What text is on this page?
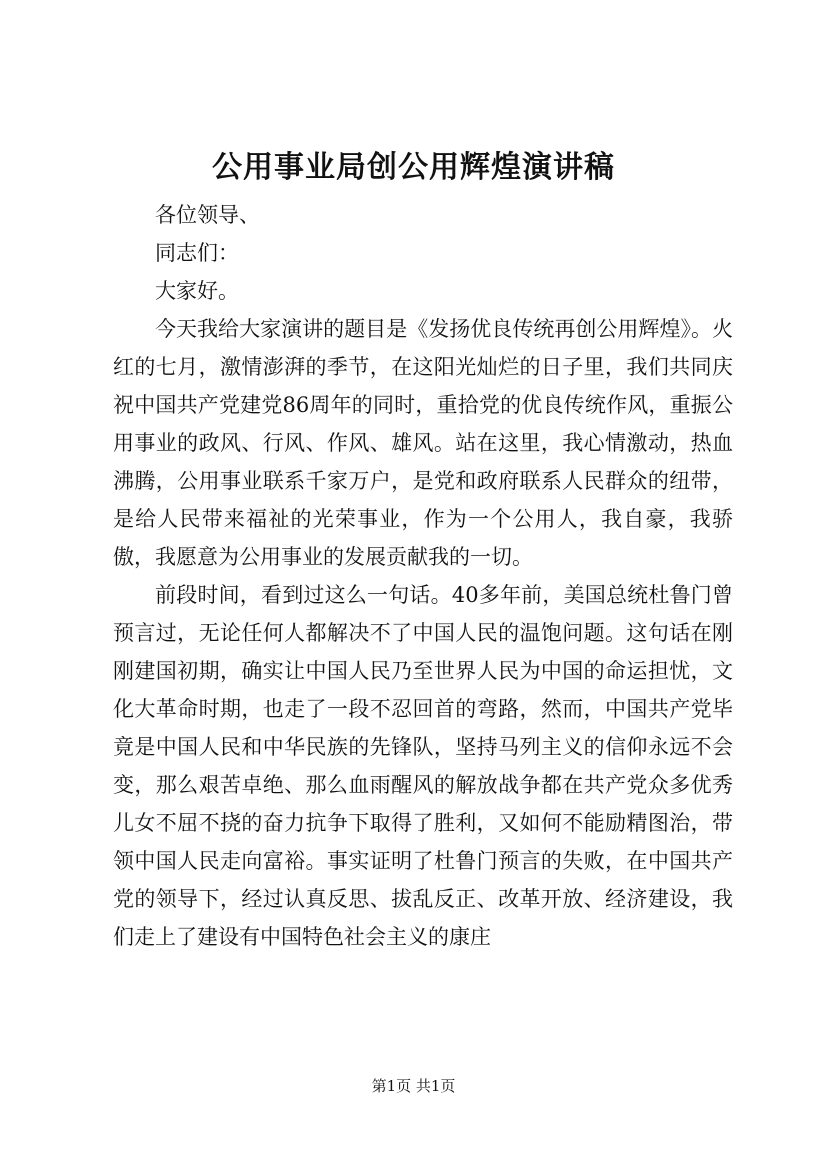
公用事业局创公用辉煌演讲稿

各位领导、

同志们：

大家好。

今天我给大家演讲的题目是《发扬优良传统再创公用辉煌》。火红的七月，激情澎湃的季节，在这阳光灿烂的日子里，我们共同庆祝中国共产党建党86周年的同时，重拾党的优良传统作风，重振公用事业的政风、行风、作风、雄风。站在这里，我心情激动，热血沸腾，公用事业联系千家万户，是党和政府联系人民群众的纽带，是给人民带来福祉的光荣事业，作为一个公用人，我自豪，我骄傲，我愿意为公用事业的发展贡献我的一切。

前段时间，看到过这么一句话。40多年前，美国总统杜鲁门曾预言过，无论任何人都解决不了中国人民的温饱问题。这句话在刚刚建国初期，确实让中国人民乃至世界人民为中国的命运担忧，文化大革命时期，也走了一段不忍回首的弯路，然而，中国共产党毕竟是中国人民和中华民族的先锋队，坚持马列主义的信仰永远不会变，那么艰苦卓绝、那么血雨醒风的解放战争都在共产党众多优秀儿女不屈不挠的奋力抗争下取得了胜利，又如何不能励精图治，带领中国人民走向富裕。事实证明了杜鲁门预言的失败，在中国共产党的领导下，经过认真反思、拔乱反正、改革开放、经济建设，我们走上了建设有中国特色社会主义的康庄

第1页 共1页
